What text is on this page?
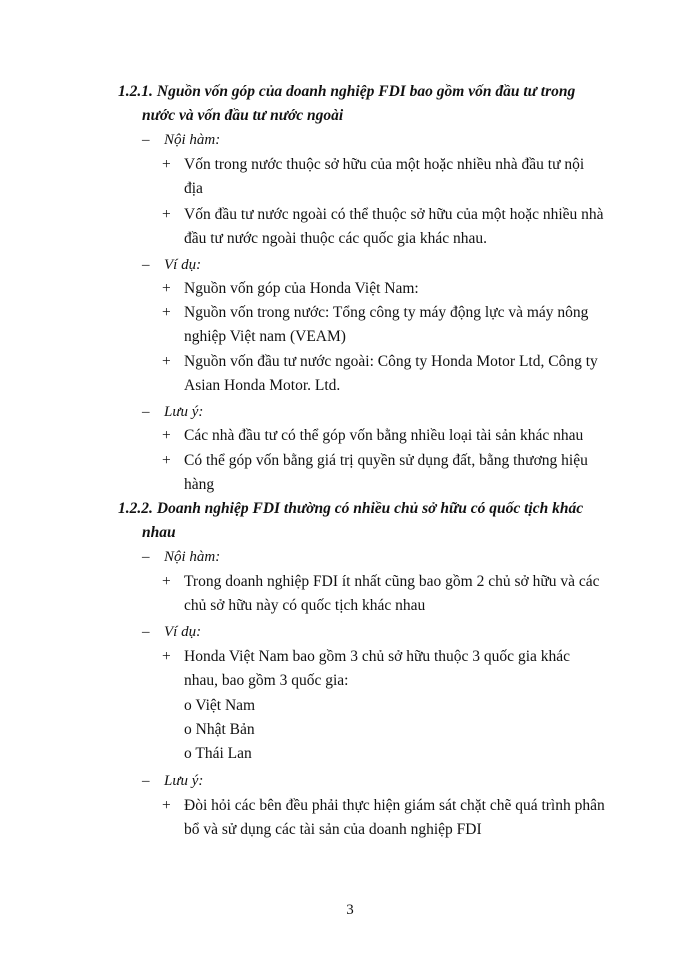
1.2.1. Nguồn vốn góp của doanh nghiệp FDI bao gồm vốn đầu tư trong
nước và vốn đầu tư nước ngoài
– Nội hàm:
+ Vốn trong nước thuộc sở hữu của một hoặc nhiều nhà đầu tư nội
địa
+ Vốn đầu tư nước ngoài có thể thuộc sở hữu của một hoặc nhiều nhà
đầu tư nước ngoài thuộc các quốc gia khác nhau.
– Ví dụ:
+ Nguồn vốn góp của Honda Việt Nam:
+ Nguồn vốn trong nước: Tổng công ty máy động lực và máy nông
nghiệp Việt nam (VEAM)
+ Nguồn vốn đầu tư nước ngoài: Công ty Honda Motor Ltd, Công ty
Asian Honda Motor. Ltd.
– Lưu ý:
+ Các nhà đầu tư có thể góp vốn bằng nhiều loại tài sản khác nhau
+ Có thể góp vốn bằng giá trị quyền sử dụng đất, bằng thương hiệu
hàng
1.2.2. Doanh nghiệp FDI thường có nhiều chủ sở hữu có quốc tịch khác
nhau
– Nội hàm:
+ Trong doanh nghiệp FDI ít nhất cũng bao gồm 2 chủ sở hữu và các
chủ sở hữu này có quốc tịch khác nhau
– Ví dụ:
+ Honda Việt Nam bao gồm 3 chủ sở hữu thuộc 3 quốc gia khác
nhau, bao gồm 3 quốc gia:
o Việt Nam
o Nhật Bản
o Thái Lan
– Lưu ý:
+ Đòi hỏi các bên đều phải thực hiện giám sát chặt chẽ quá trình phân
bổ và sử dụng các tài sản của doanh nghiệp FDI
3
